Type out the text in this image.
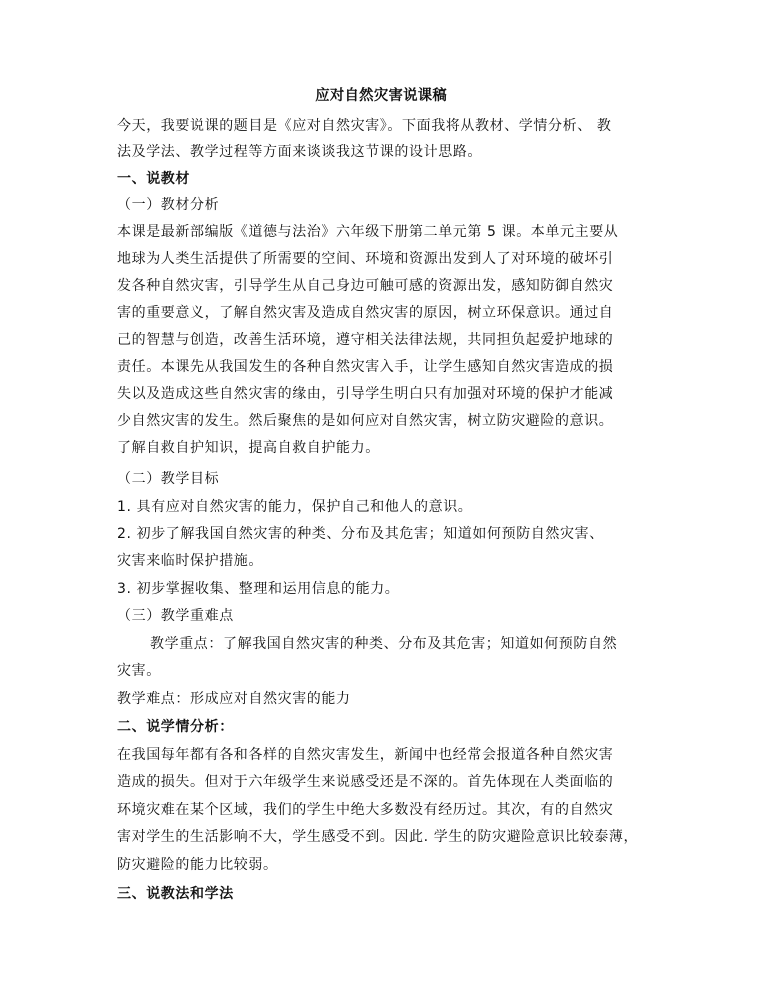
应对自然灾害说课稿
今天，我要说课的题目是《应对自然灾害》。下面我将从教材、学情分析、 教
法及学法、教学过程等方面来谈谈我这节课的设计思路。
一、说教材
（一）教材分析
本课是最新部编版《道德与法治》六年级下册第二单元第 5 课。本单元主要从
地球为人类生活提供了所需要的空间、环境和资源出发到人了对环境的破坏引
发各种自然灾害，引导学生从自己身边可触可感的资源出发，感知防御自然灾
害的重要意义，了解自然灾害及造成自然灾害的原因，树立环保意识。通过自
己的智慧与创造，改善生活环境，遵守相关法律法规，共同担负起爱护地球的
责任。本课先从我国发生的各种自然灾害入手，让学生感知自然灾害造成的损
失以及造成这些自然灾害的缘由，引导学生明白只有加强对环境的保护才能减
少自然灾害的发生。然后聚焦的是如何应对自然灾害，树立防灾避险的意识。
了解自救自护知识，提高自救自护能力。
（二）教学目标
1. 具有应对自然灾害的能力，保护自己和他人的意识。
2. 初步了解我国自然灾害的种类、分布及其危害；知道如何预防自然灾害、
灾害来临时保护措施。
3. 初步掌握收集、整理和运用信息的能力。
（三）教学重难点
教学重点：了解我国自然灾害的种类、分布及其危害；知道如何预防自然
灾害。
教学难点：形成应对自然灾害的能力
二、说学情分析：
在我国每年都有各和各样的自然灾害发生，新闻中也经常会报道各种自然灾害
造成的损失。但对于六年级学生来说感受还是不深的。首先体现在人类面临的
环境灾难在某个区域，我们的学生中绝大多数没有经历过。其次，有的自然灾
害对学生的生活影响不大，学生感受不到。因此. 学生的防灾避险意识比较泰薄，
防灾避险的能力比较弱。
三、说教法和学法
